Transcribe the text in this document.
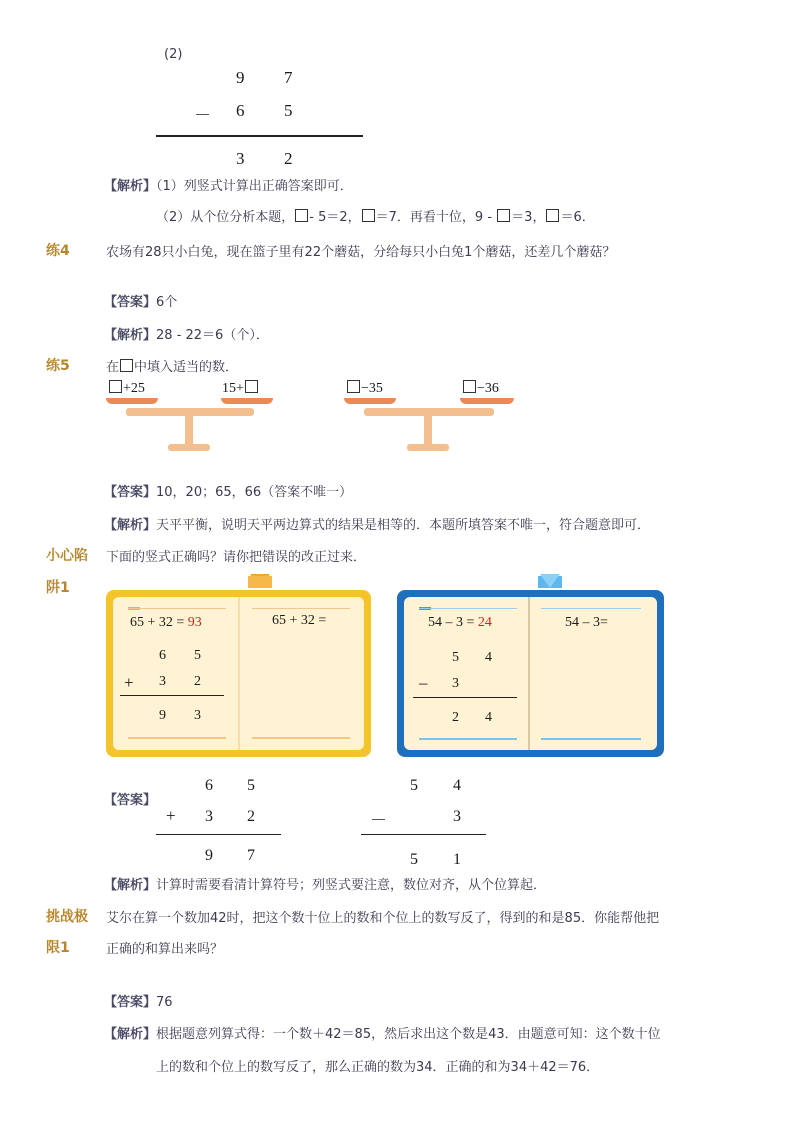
(2)
9 7
－ 6 5
3 2
【解析】（1）列竖式计算出正确答案即可．
（2）从个位分析本题， - 5＝2， ＝7．再看十位，9 - ＝3， ＝6．
练4	农场有28只小白兔，现在篮子里有22个蘑菇，分给每只小白兔1个蘑菇，还差几个蘑菇？
【答案】6个
【解析】28 - 22＝6（个）．
练5	在 中填入适当的数．
+25	15+	−35	−36
【答案】10，20；65，66（答案不唯一）
【解析】天平平衡，说明天平两边算式的结果是相等的．本题所填答案不唯一，符合题意即可．
小心陷
阱1
下面的竖式正确吗？请你把错误的改正过来．
65 + 32 = 93	65 + 32 =
6 5
+ 3 2
9 3
54 – 3 = 24	54 – 3=
5 4
– 3
2 4
【答案】
6 5
+ 3 2
9 7
5 4
－	3
5 1
【解析】计算时需要看清计算符号；列竖式要注意，数位对齐，从个位算起．
挑战极
限1
艾尔在算一个数加42时，把这个数十位上的数和个位上的数写反了，得到的和是85．你能帮他把
正确的和算出来吗？
【答案】76
【解析】根据题意列算式得：一个数＋42＝85，然后求出这个数是43．由题意可知：这个数十位
上的数和个位上的数写反了，那么正确的数为34．正确的和为34＋42＝76．
